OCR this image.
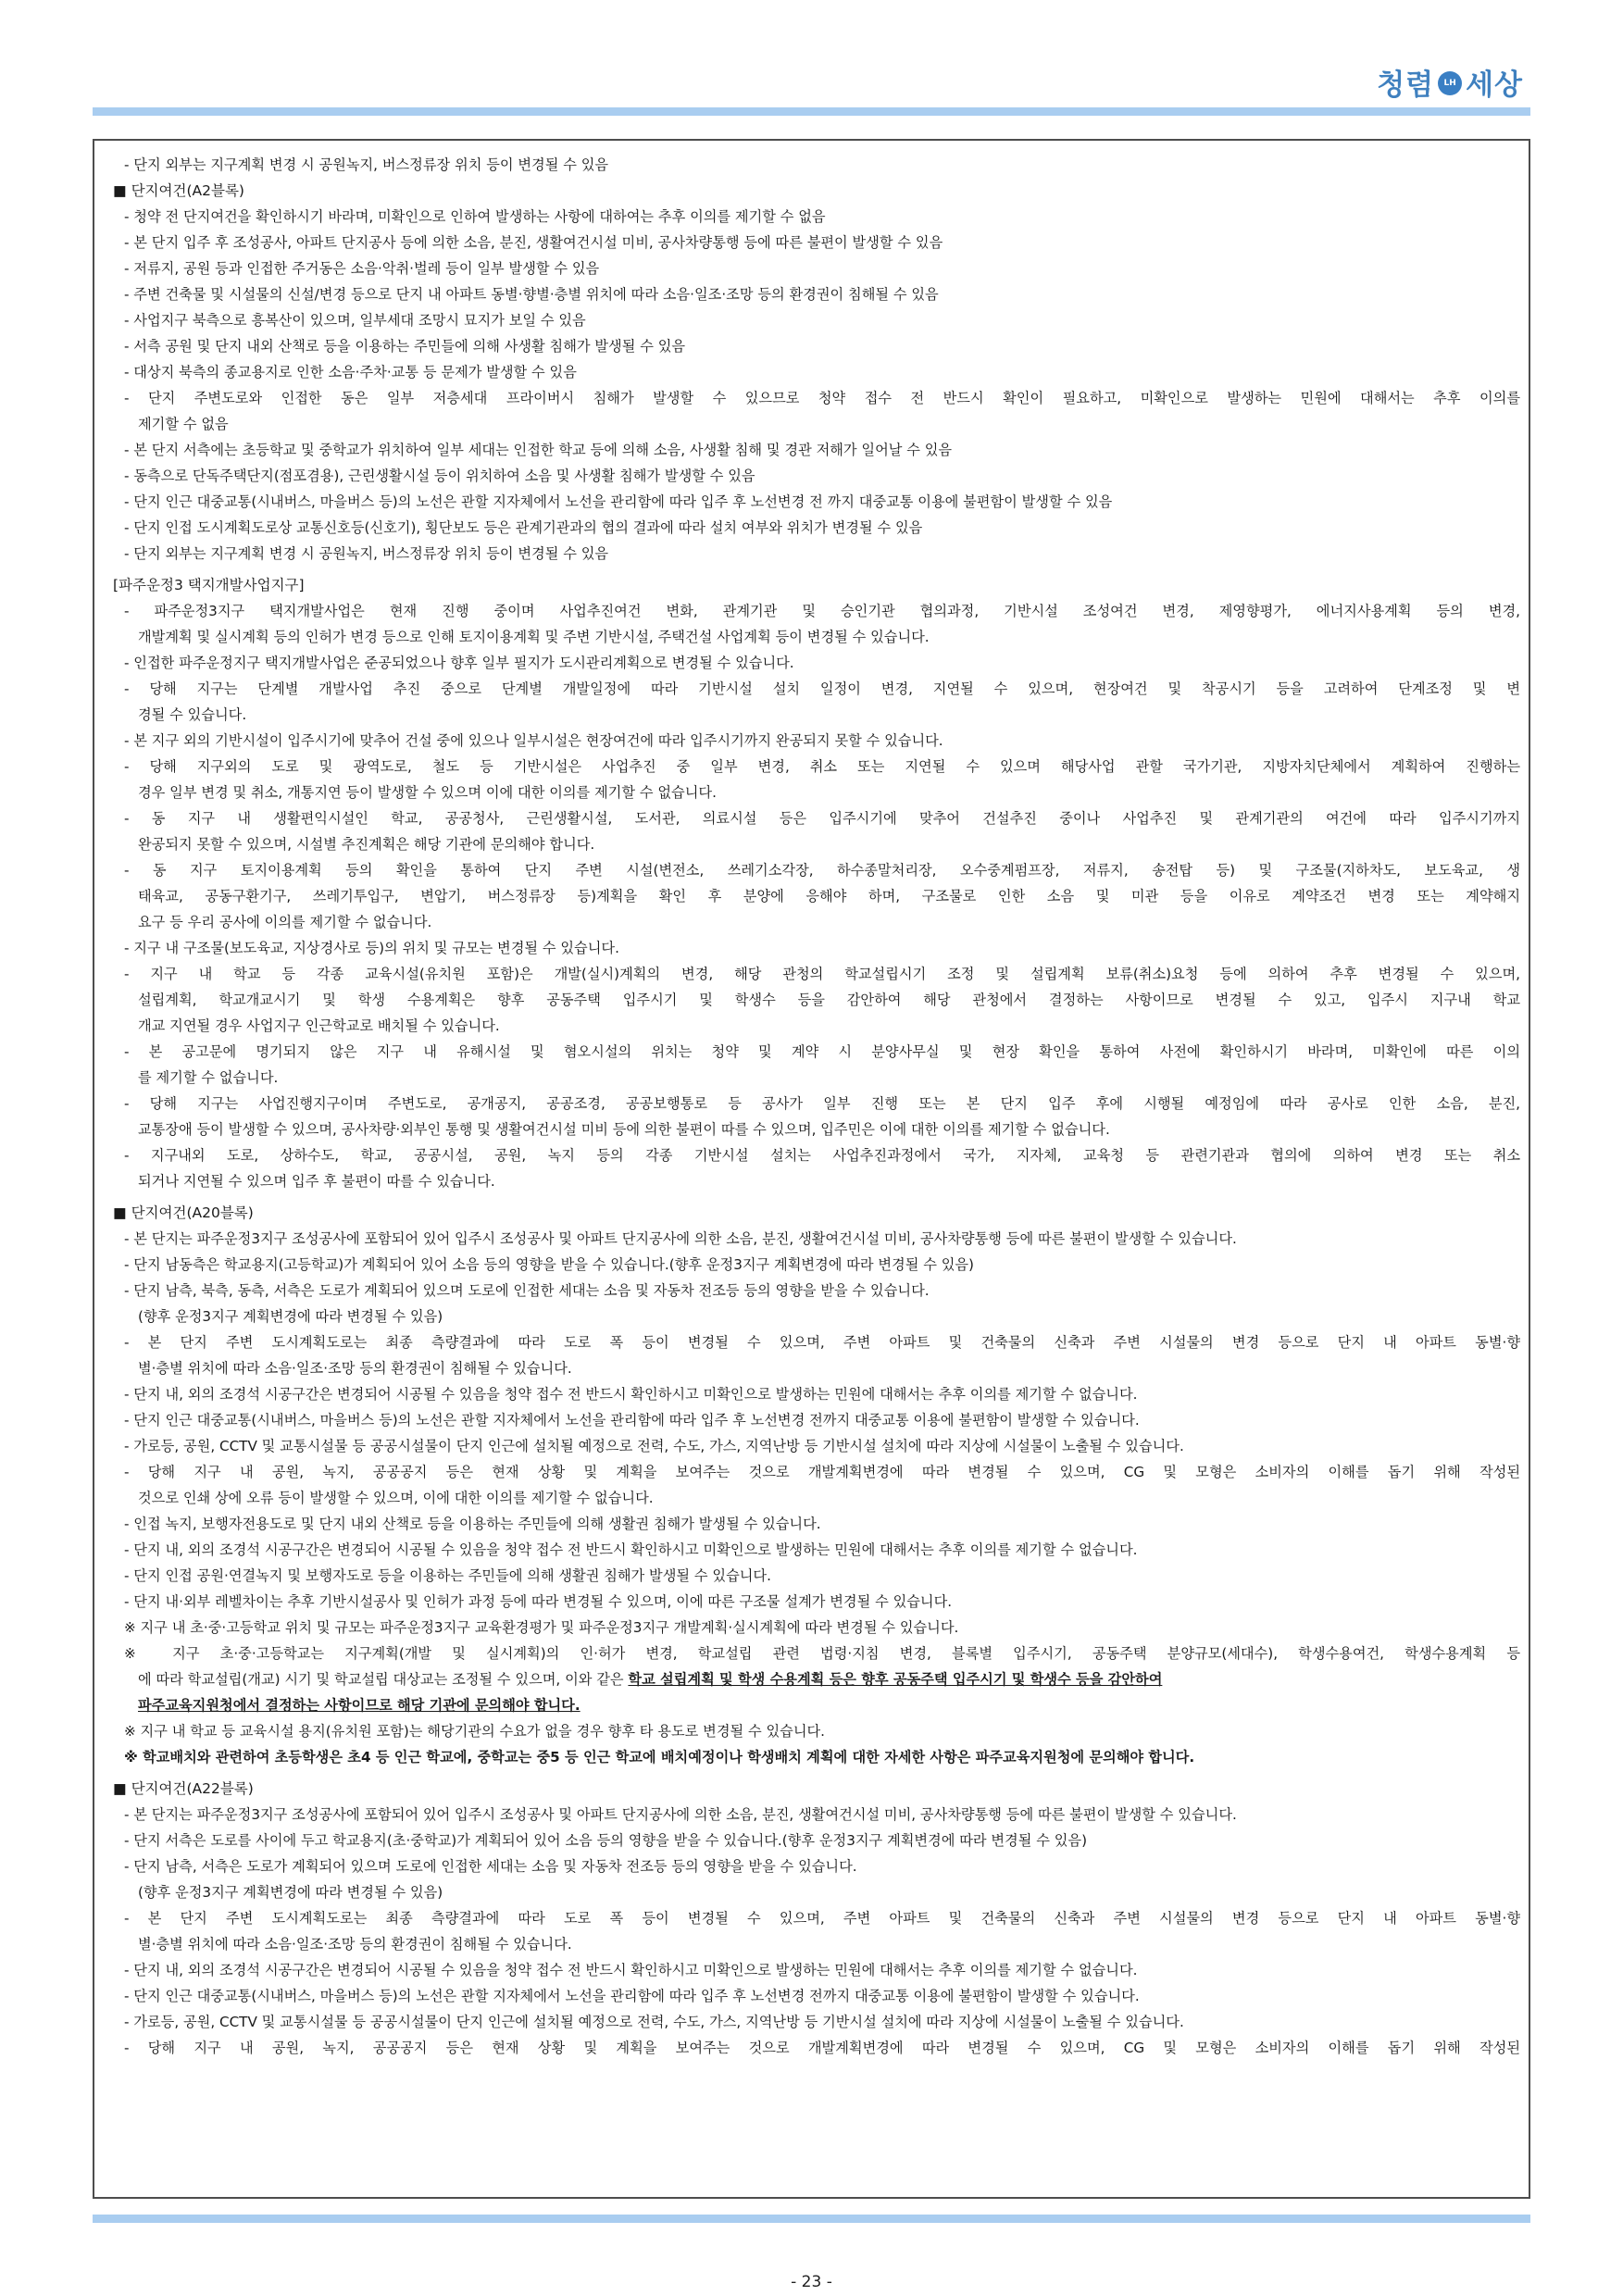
청렴	LH 세상
- 단지 외부는 지구계획 변경 시 공원녹지, 버스정류장 위치 등이 변경될 수 있음
■ 단지여건(A2블록)
- 청약 전 단지여건을 확인하시기 바라며, 미확인으로 인하여 발생하는 사항에 대하여는 추후 이의를 제기할 수 없음
- 본 단지 입주 후 조성공사, 아파트 단지공사 등에 의한 소음, 분진, 생활여건시설 미비, 공사차량통행 등에 따른 불편이 발생할 수 있음
- 저류지, 공원 등과 인접한 주거동은 소음·악취·벌레 등이 일부 발생할 수 있음
- 주변 건축물 및 시설물의 신설/변경 등으로 단지 내 아파트 동별·향별·층별 위치에 따라 소음·일조·조망 등의 환경권이 침해될 수 있음
- 사업지구 북측으로 흥복산이 있으며, 일부세대 조망시 묘지가 보일 수 있음
- 서측 공원 및 단지 내외 산책로 등을 이용하는 주민들에 의해 사생활 침해가 발생될 수 있음
- 대상지 북측의 종교용지로 인한 소음·주차·교통 등 문제가 발생할 수 있음
- 단지 주변도로와 인접한 동은 일부 저층세대 프라이버시 침해가 발생할 수 있으므로 청약 접수 전 반드시 확인이 필요하고, 미확인으로 발생하는 민원에 대해서는 추후 이의를
제기할 수 없음
- 본 단지 서측에는 초등학교 및 중학교가 위치하여 일부 세대는 인접한 학교 등에 의해 소음, 사생활 침해 및 경관 저해가 일어날 수 있음
- 동측으로 단독주택단지(점포겸용), 근린생활시설 등이 위치하여 소음 및 사생활 침해가 발생할 수 있음
- 단지 인근 대중교통(시내버스, 마을버스 등)의 노선은 관할 지자체에서 노선을 관리함에 따라 입주 후 노선변경 전 까지 대중교통 이용에 불편함이 발생할 수 있음
- 단지 인접 도시계획도로상 교통신호등(신호기), 횡단보도 등은 관계기관과의 협의 결과에 따라 설치 여부와 위치가 변경될 수 있음
- 단지 외부는 지구계획 변경 시 공원녹지, 버스정류장 위치 등이 변경될 수 있음
[파주운정3 택지개발사업지구]
- 파주운정3지구 택지개발사업은 현재 진행 중이며 사업추진여건 변화, 관계기관 및 승인기관 협의과정, 기반시설 조성여건 변경, 제영향평가, 에너지사용계획 등의 변경,
개발계획 및 실시계획 등의 인허가 변경 등으로 인해 토지이용계획 및 주변 기반시설, 주택건설 사업계획 등이 변경될 수 있습니다.
- 인접한 파주운정지구 택지개발사업은 준공되었으나 향후 일부 필지가 도시관리계획으로 변경될 수 있습니다.
- 당해 지구는 단계별 개발사업 추진 중으로 단계별 개발일정에 따라 기반시설 설치 일정이 변경, 지연될 수 있으며, 현장여건 및 착공시기 등을 고려하여 단계조정 및 변
경될 수 있습니다.
- 본 지구 외의 기반시설이 입주시기에 맞추어 건설 중에 있으나 일부시설은 현장여건에 따라 입주시기까지 완공되지 못할 수 있습니다.
- 당해 지구외의 도로 및 광역도로, 철도 등 기반시설은 사업추진 중 일부 변경, 취소 또는 지연될 수 있으며 해당사업 관할 국가기관, 지방자치단체에서 계획하여 진행하는
경우 일부 변경 및 취소, 개통지연 등이 발생할 수 있으며 이에 대한 이의를 제기할 수 없습니다.
- 동 지구 내 생활편익시설인 학교, 공공청사, 근린생활시설, 도서관, 의료시설 등은 입주시기에 맞추어 건설추진 중이나 사업추진 및 관계기관의 여건에 따라 입주시기까지
완공되지 못할 수 있으며, 시설별 추진계획은 해당 기관에 문의해야 합니다.
- 동 지구 토지이용계획 등의 확인을 통하여 단지 주변 시설(변전소, 쓰레기소각장, 하수종말처리장, 오수중계펌프장, 저류지, 송전탑 등) 및 구조물(지하차도, 보도육교, 생
태육교, 공동구환기구, 쓰레기투입구, 변압기, 버스정류장 등)계획을 확인 후 분양에 응해야 하며, 구조물로 인한 소음 및 미관 등을 이유로 계약조건 변경 또는 계약해지
요구 등 우리 공사에 이의를 제기할 수 없습니다.
- 지구 내 구조물(보도육교, 지상경사로 등)의 위치 및 규모는 변경될 수 있습니다.
- 지구 내 학교 등 각종 교육시설(유치원 포함)은 개발(실시)계획의 변경, 해당 관청의 학교설립시기 조정 및 설립계획 보류(취소)요청 등에 의하여 추후 변경될 수 있으며,
설립계획, 학교개교시기 및 학생 수용계획은 향후 공동주택 입주시기 및 학생수 등을 감안하여 해당 관청에서 결정하는 사항이므로 변경될 수 있고, 입주시 지구내 학교
개교 지연될 경우 사업지구 인근학교로 배치될 수 있습니다.
- 본 공고문에 명기되지 않은 지구 내 유해시설 및 혐오시설의 위치는 청약 및 계약 시 분양사무실 및 현장 확인을 통하여 사전에 확인하시기 바라며, 미확인에 따른 이의
를 제기할 수 없습니다.
- 당해 지구는 사업진행지구이며 주변도로, 공개공지, 공공조경, 공공보행통로 등 공사가 일부 진행 또는 본 단지 입주 후에 시행될 예정임에 따라 공사로 인한 소음, 분진,
교통장애 등이 발생할 수 있으며, 공사차량·외부인 통행 및 생활여건시설 미비 등에 의한 불편이 따를 수 있으며, 입주민은 이에 대한 이의를 제기할 수 없습니다.
- 지구내외 도로, 상하수도, 학교, 공공시설, 공원, 녹지 등의 각종 기반시설 설치는 사업추진과정에서 국가, 지자체, 교육청 등 관련기관과 협의에 의하여 변경 또는 취소
되거나 지연될 수 있으며 입주 후 불편이 따를 수 있습니다.
■ 단지여건(A20블록)
- 본 단지는 파주운정3지구 조성공사에 포함되어 있어 입주시 조성공사 및 아파트 단지공사에 의한 소음, 분진, 생활여건시설 미비, 공사차량통행 등에 따른 불편이 발생할 수 있습니다.
- 단지 남동측은 학교용지(고등학교)가 계획되어 있어 소음 등의 영향을 받을 수 있습니다.(향후 운정3지구 계획변경에 따라 변경될 수 있음)
- 단지 남측, 북측, 동측, 서측은 도로가 계획되어 있으며 도로에 인접한 세대는 소음 및 자동차 전조등 등의 영향을 받을 수 있습니다.
(향후 운정3지구 계획변경에 따라 변경될 수 있음)
- 본 단지 주변 도시계획도로는 최종 측량결과에 따라 도로 폭 등이 변경될 수 있으며, 주변 아파트 및 건축물의 신축과 주변 시설물의 변경 등으로 단지 내 아파트 동별·향
별·층별 위치에 따라 소음·일조·조망 등의 환경권이 침해될 수 있습니다.
- 단지 내, 외의 조경석 시공구간은 변경되어 시공될 수 있음을 청약 접수 전 반드시 확인하시고 미확인으로 발생하는 민원에 대해서는 추후 이의를 제기할 수 없습니다.
- 단지 인근 대중교통(시내버스, 마을버스 등)의 노선은 관할 지자체에서 노선을 관리함에 따라 입주 후 노선변경 전까지 대중교통 이용에 불편함이 발생할 수 있습니다.
- 가로등, 공원, CCTV 및 교통시설물 등 공공시설물이 단지 인근에 설치될 예정으로 전력, 수도, 가스, 지역난방 등 기반시설 설치에 따라 지상에 시설물이 노출될 수 있습니다.
- 당해 지구 내 공원, 녹지, 공공공지 등은 현재 상황 및 계획을 보여주는 것으로 개발계획변경에 따라 변경될 수 있으며, CG 및 모형은 소비자의 이해를 돕기 위해 작성된
것으로 인쇄 상에 오류 등이 발생할 수 있으며, 이에 대한 이의를 제기할 수 없습니다.
- 인접 녹지, 보행자전용도로 및 단지 내외 산책로 등을 이용하는 주민들에 의해 생활권 침해가 발생될 수 있습니다.
- 단지 내, 외의 조경석 시공구간은 변경되어 시공될 수 있음을 청약 접수 전 반드시 확인하시고 미확인으로 발생하는 민원에 대해서는 추후 이의를 제기할 수 없습니다.
- 단지 인접 공원·연결녹지 및 보행자도로 등을 이용하는 주민들에 의해 생활권 침해가 발생될 수 있습니다.
- 단지 내·외부 레벨차이는 추후 기반시설공사 및 인허가 과정 등에 따라 변경될 수 있으며, 이에 따른 구조물 설계가 변경될 수 있습니다.
※ 지구 내 초·중·고등학교 위치 및 규모는 파주운정3지구 교육환경평가 및 파주운정3지구 개발계획·실시계획에 따라 변경될 수 있습니다.
※ 지구 초·중·고등학교는 지구계획(개발 및 실시계획)의 인·허가 변경, 학교설립 관련 법령·지침 변경, 블록별 입주시기, 공동주택 분양규모(세대수), 학생수용여건, 학생수용계획 등
에 따라 학교설립(개교) 시기 및 학교설립 대상교는 조정될 수 있으며, 이와 같은 학교 설립계획 및 학생 수용계획 등은 향후 공동주택 입주시기 및 학생수 등을 감안하여
파주교육지원청에서 결정하는 사항이므로 해당 기관에 문의해야 합니다.
※ 지구 내 학교 등 교육시설 용지(유치원 포함)는 해당기관의 수요가 없을 경우 향후 타 용도로 변경될 수 있습니다.
※ 학교배치와 관련하여 초등학생은 초4 등 인근 학교에, 중학교는 중5 등 인근 학교에 배치예정이나 학생배치 계획에 대한 자세한 사항은 파주교육지원청에 문의해야 합니다.
■ 단지여건(A22블록)
- 본 단지는 파주운정3지구 조성공사에 포함되어 있어 입주시 조성공사 및 아파트 단지공사에 의한 소음, 분진, 생활여건시설 미비, 공사차량통행 등에 따른 불편이 발생할 수 있습니다.
- 단지 서측은 도로를 사이에 두고 학교용지(초·중학교)가 계획되어 있어 소음 등의 영향을 받을 수 있습니다.(향후 운정3지구 계획변경에 따라 변경될 수 있음)
- 단지 남측, 서측은 도로가 계획되어 있으며 도로에 인접한 세대는 소음 및 자동차 전조등 등의 영향을 받을 수 있습니다.
(향후 운정3지구 계획변경에 따라 변경될 수 있음)
- 본 단지 주변 도시계획도로는 최종 측량결과에 따라 도로 폭 등이 변경될 수 있으며, 주변 아파트 및 건축물의 신축과 주변 시설물의 변경 등으로 단지 내 아파트 동별·향
별·층별 위치에 따라 소음·일조·조망 등의 환경권이 침해될 수 있습니다.
- 단지 내, 외의 조경석 시공구간은 변경되어 시공될 수 있음을 청약 접수 전 반드시 확인하시고 미확인으로 발생하는 민원에 대해서는 추후 이의를 제기할 수 없습니다.
- 단지 인근 대중교통(시내버스, 마을버스 등)의 노선은 관할 지자체에서 노선을 관리함에 따라 입주 후 노선변경 전까지 대중교통 이용에 불편함이 발생할 수 있습니다.
- 가로등, 공원, CCTV 및 교통시설물 등 공공시설물이 단지 인근에 설치될 예정으로 전력, 수도, 가스, 지역난방 등 기반시설 설치에 따라 지상에 시설물이 노출될 수 있습니다.
- 당해 지구 내 공원, 녹지, 공공공지 등은 현재 상황 및 계획을 보여주는 것으로 개발계획변경에 따라 변경될 수 있으며, CG 및 모형은 소비자의 이해를 돕기 위해 작성된
- 23 -
